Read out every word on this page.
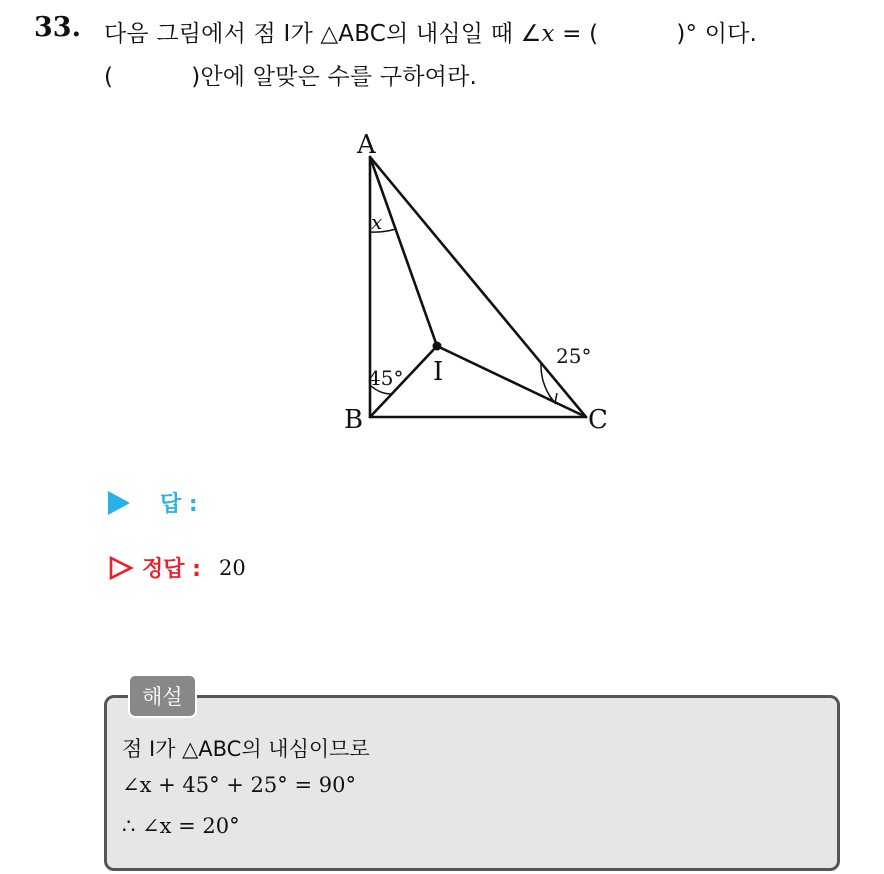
33. 다음 그림에서 점 I가 △ABC의 내심일 때 ∠x = (	)° 이다.
(	)안에 알맞은 수를 구하여라.
A
B	C
I
x
45°
25°
답 :
정답 : 20
해설
점 I가 △ABC의 내심이므로
∠x + 45° + 25° = 90°
∴ ∠x = 20°
